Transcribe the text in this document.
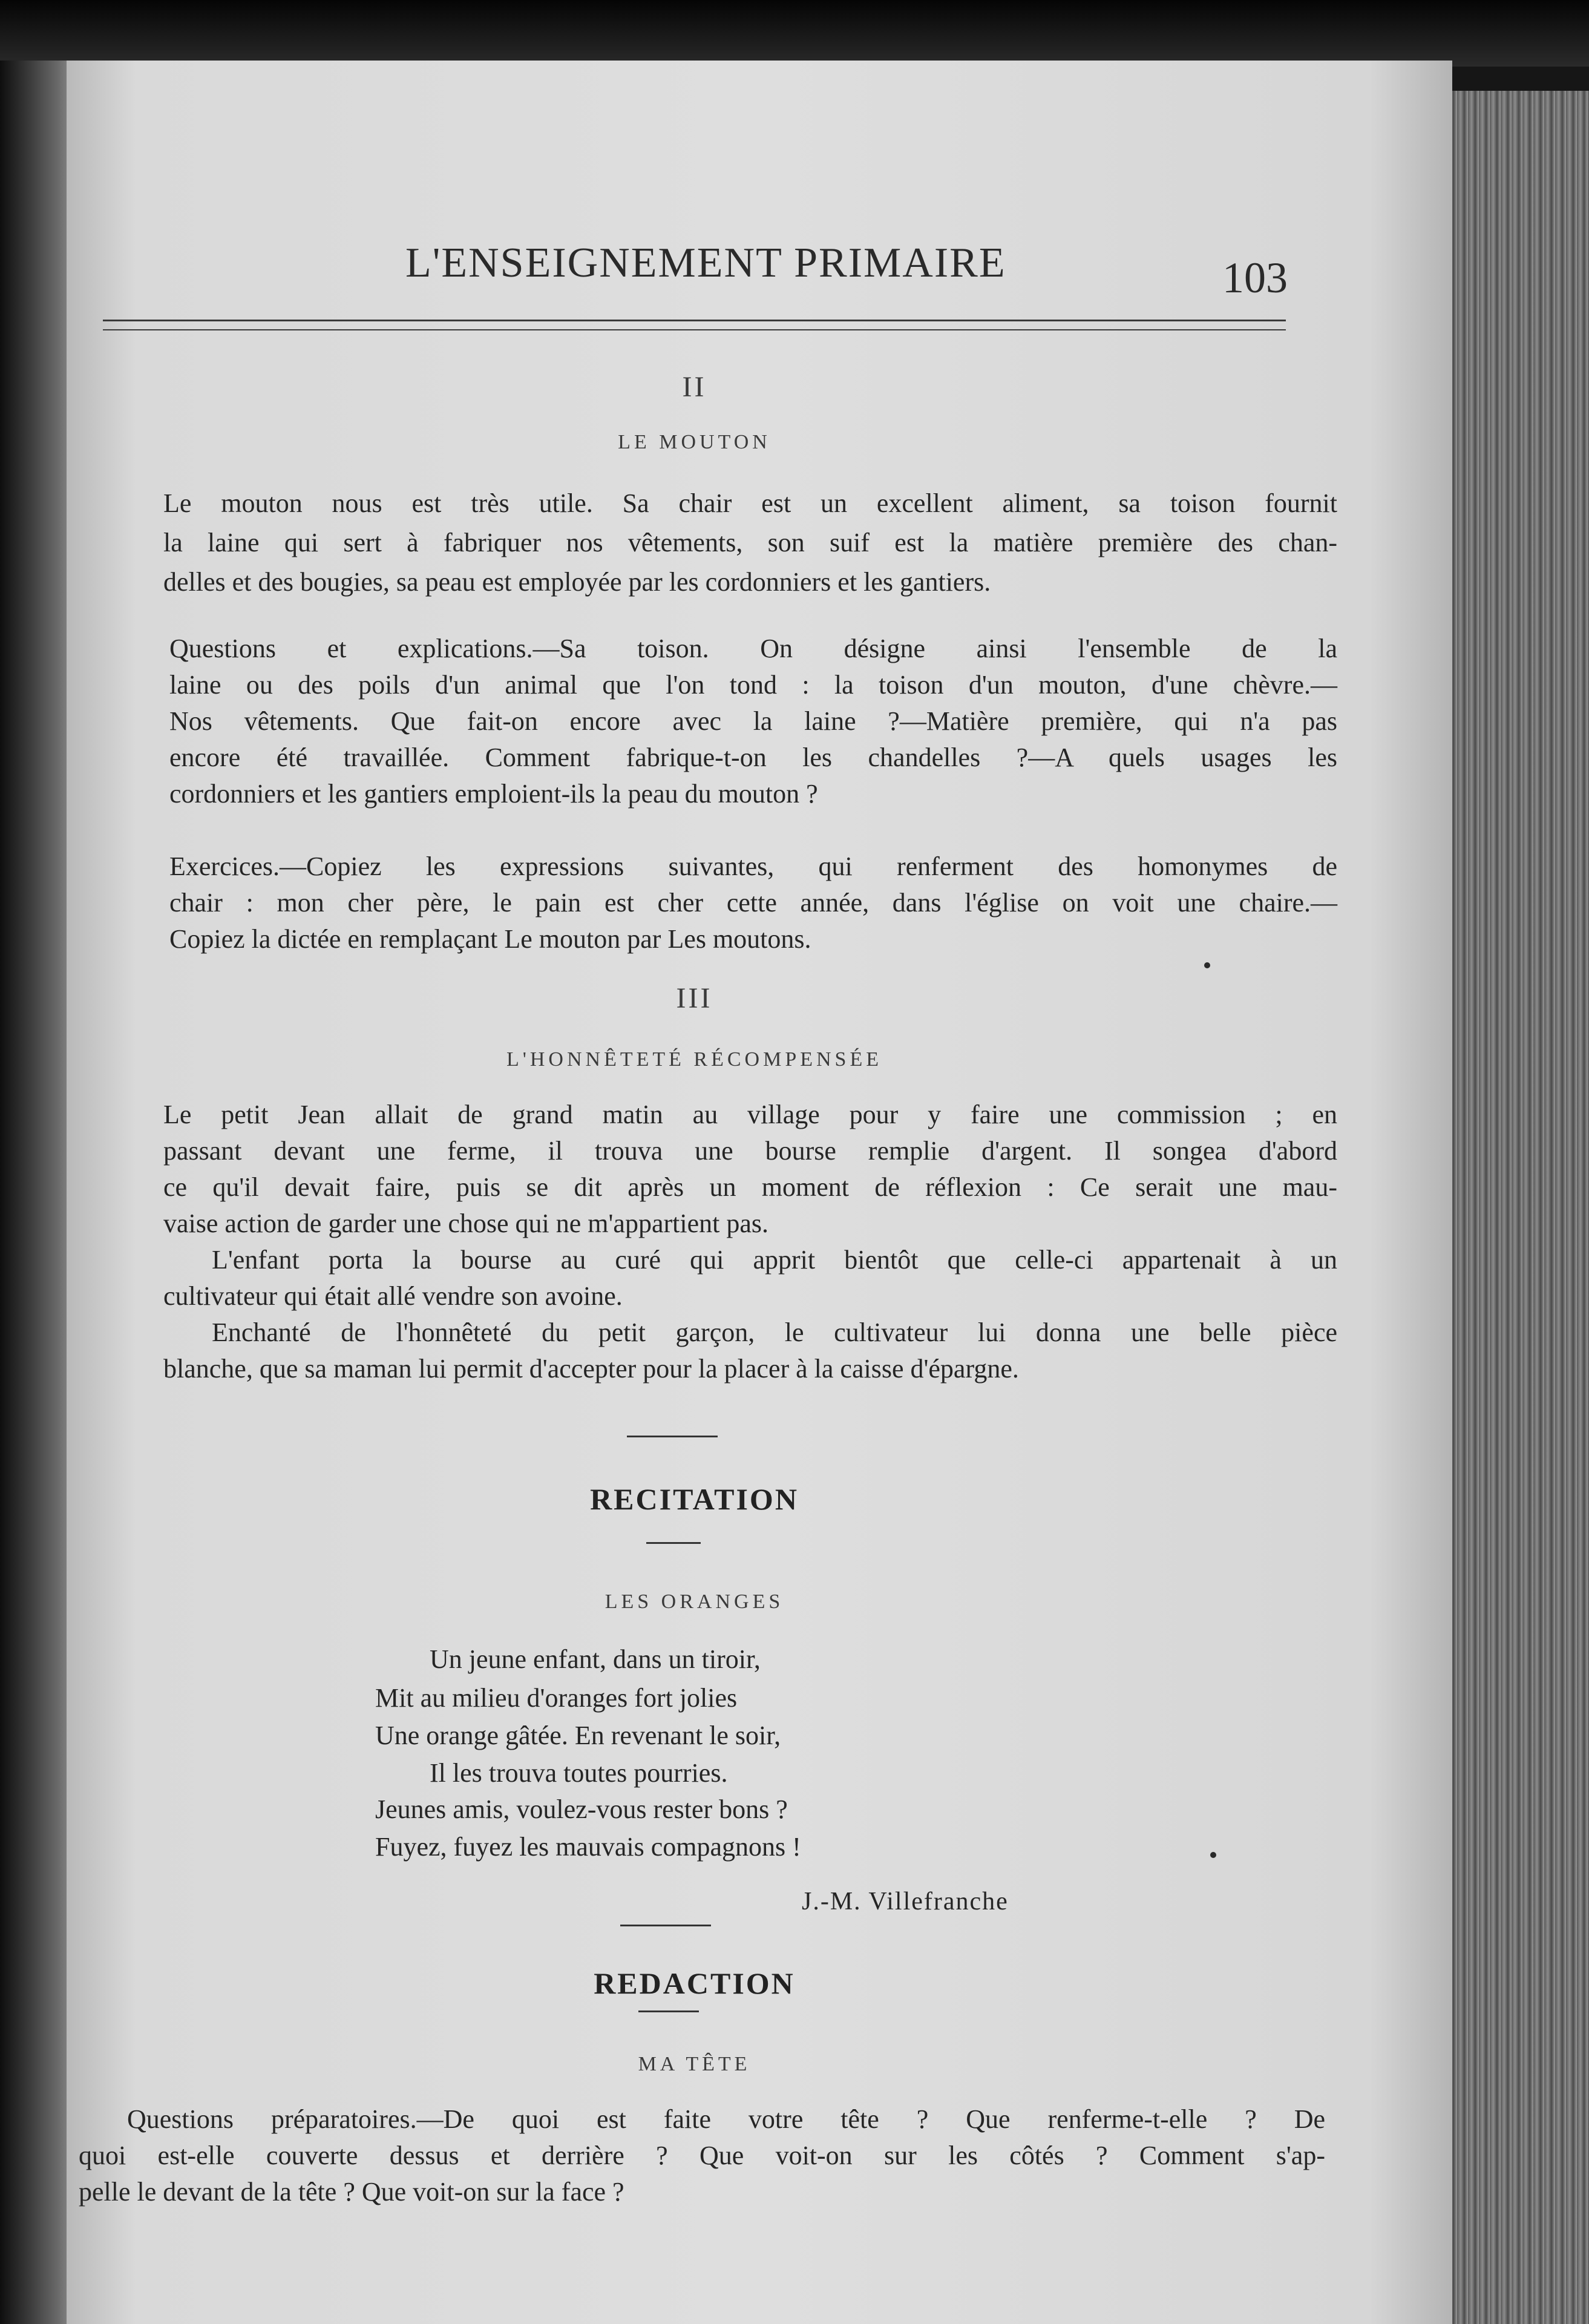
L'ENSEIGNEMENT PRIMAIRE	103
II
LE MOUTON
Le mouton nous est très utile. Sa chair est un excellent aliment, sa toison fournit
la laine qui sert à fabriquer nos vêtements, son suif est la matière première des chan-
delles et des bougies, sa peau est employée par les cordonniers et les gantiers.
Questions et explications.—Sa toison. On désigne ainsi l'ensemble de la
laine ou des poils d'un animal que l'on tond : la toison d'un mouton, d'une chèvre.—
Nos vêtements. Que fait-on encore avec la laine ?—Matière première, qui n'a pas
encore été travaillée. Comment fabrique-t-on les chandelles ?—A quels usages les
cordonniers et les gantiers emploient-ils la peau du mouton ?
Exercices.—Copiez les expressions suivantes, qui renferment des homonymes de
chair : mon cher père, le pain est cher cette année, dans l'église on voit une chaire.—
Copiez la dictée en remplaçant Le mouton par Les moutons.
III
L'HONNÊTETÉ RÉCOMPENSÉE
Le petit Jean allait de grand matin au village pour y faire une commission ; en
passant devant une ferme, il trouva une bourse remplie d'argent. Il songea d'abord
ce qu'il devait faire, puis se dit après un moment de réflexion : Ce serait une mau-
vaise action de garder une chose qui ne m'appartient pas.
L'enfant porta la bourse au curé qui apprit bientôt que celle-ci appartenait à un
cultivateur qui était allé vendre son avoine.
Enchanté de l'honnêteté du petit garçon, le cultivateur lui donna une belle pièce
blanche, que sa maman lui permit d'accepter pour la placer à la caisse d'épargne.
RECITATION
LES ORANGES
Un jeune enfant, dans un tiroir,
Mit au milieu d'oranges fort jolies
Une orange gâtée. En revenant le soir,
Il les trouva toutes pourries.
Jeunes amis, voulez-vous rester bons ?
Fuyez, fuyez les mauvais compagnons !
J.-M. Villefranche
REDACTION
MA TÊTE
Questions préparatoires.—De quoi est faite votre tête ? Que renferme-t-elle ? De
quoi est-elle couverte dessus et derrière ? Que voit-on sur les côtés ? Comment s'ap-
pelle le devant de la tête ? Que voit-on sur la face ?
